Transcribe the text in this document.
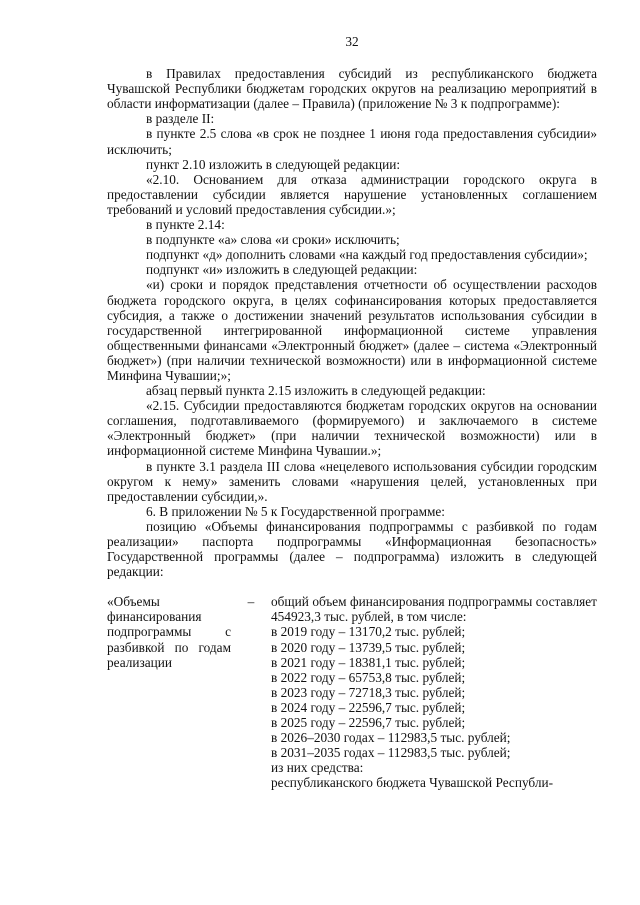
32

в Правилах предоставления субсидий из республиканского бюджета Чувашской Республики бюджетам городских округов на реализацию мероприятий в области информатизации (далее – Правила) (приложение № 3 к подпрограмме):

в разделе II:

в пункте 2.5 слова «в срок не позднее 1 июня года предоставления субсидии» исключить;

пункт 2.10 изложить в следующей редакции:

«2.10. Основанием для отказа администрации городского округа в предоставлении субсидии является нарушение установленных соглашением требований и условий предоставления субсидии.»;

в пункте 2.14:

в подпункте «а» слова «и сроки» исключить;

подпункт «д» дополнить словами «на каждый год предоставления субсидии»;

подпункт «и» изложить в следующей редакции:

«и) сроки и порядок представления отчетности об осуществлении расходов бюджета городского округа, в целях софинансирования которых предоставляется субсидия, а также о достижении значений результатов использования субсидии в государственной интегрированной информационной системе управления общественными финансами «Электронный бюджет» (далее – система «Электронный бюджет») (при наличии технической возможности) или в информационной системе Минфина Чувашии;»;

абзац первый пункта 2.15 изложить в следующей редакции:

«2.15. Субсидии предоставляются бюджетам городских округов на основании соглашения, подготавливаемого (формируемого) и заключаемого в системе «Электронный бюджет» (при наличии технической возможности) или в информационной системе Минфина Чувашии.»;

в пункте 3.1 раздела III слова «нецелевого использования субсидии городским округом к нему» заменить словами «нарушения целей, установленных при предоставлении субсидии,».

6. В приложении № 5 к Государственной программе:

позицию «Объемы финансирования подпрограммы с разбивкой по годам реализации» паспорта подпрограммы «Информационная безопасность» Государственной программы (далее – подпрограмма) изложить в следующей редакции:

«Объемы финансирования подпрограммы с разбивкой по годам реализации
–	общий объем финансирования подпрограммы составляет 454923,3 тыс. рублей, в том числе:

в 2019 году – 13170,2 тыс. рублей;

в 2020 году – 13739,5 тыс. рублей;

в 2021 году – 18381,1 тыс. рублей;

в 2022 году – 65753,8 тыс. рублей;

в 2023 году – 72718,3 тыс. рублей;

в 2024 году – 22596,7 тыс. рублей;

в 2025 году – 22596,7 тыс. рублей;

в 2026–2030 годах – 112983,5 тыс. рублей;

в 2031–2035 годах – 112983,5 тыс. рублей;

из них средства:

республиканского бюджета Чувашской Республи-
